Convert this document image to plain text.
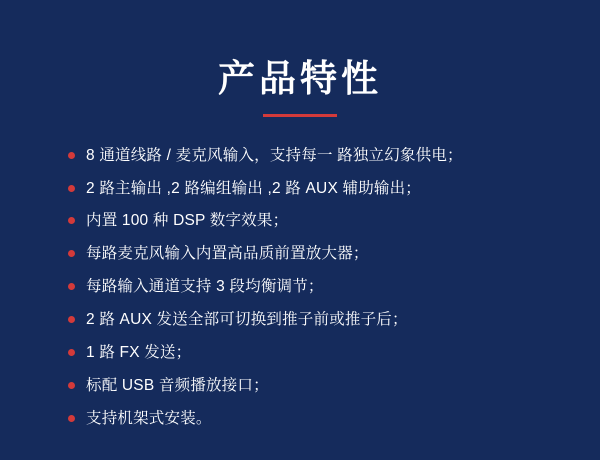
产品特性
8 通道线路 / 麦克风输入，支持每一 路独立幻象供电；
2 路主输出 ,2 路编组输出 ,2 路 AUX 辅助输出；
内置 100 种 DSP 数字效果；
每路麦克风输入内置高品质前置放大器；
每路输入通道支持 3 段均衡调节；
2 路 AUX 发送全部可切换到推子前或推子后；
1 路 FX 发送；
标配 USB 音频播放接口；
支持机架式安装。
